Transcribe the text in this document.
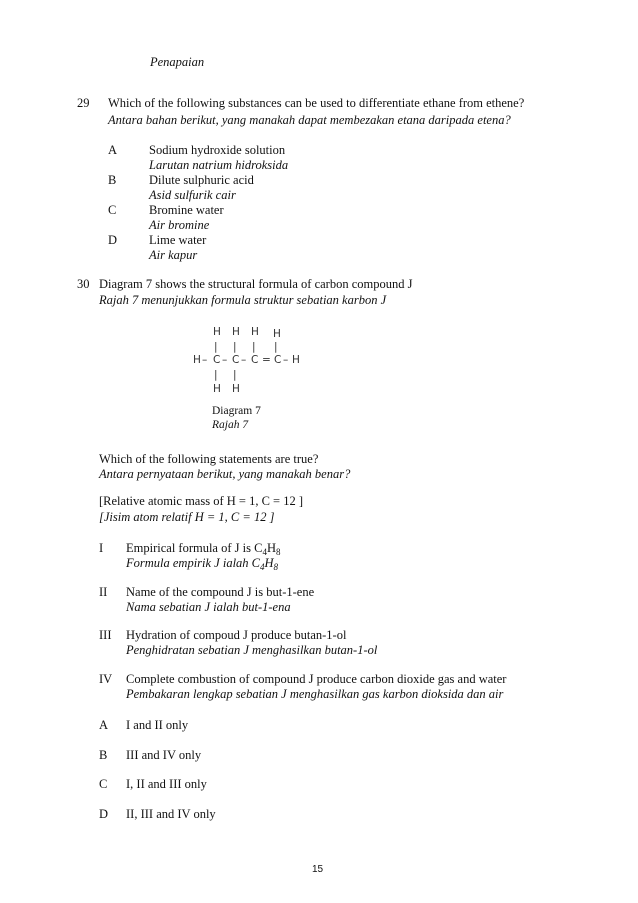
Penapaian
29 Which of the following substances can be used to differentiate ethane from ethene?
Antara bahan berikut, yang manakah dapat membezakan etana daripada etena?
A	Sodium hydroxide solution
Larutan natrium hidroksida
B	Dilute sulphuric acid
Asid sulfurik cair
C	Bromine water
Air bromine
D	Lime water
Air kapur
30 Diagram 7 shows the structural formula of carbon compound J
Rajah 7 menunjukkan formula struktur sebatian karbon J
H H H H
| | | |
H – C – C – C = C – H
| |
H H
Diagram 7
Rajah 7
Which of the following statements are true?
Antara pernyataan berikut, yang manakah benar?
[Relative atomic mass of H = 1, C = 12 ]
[Jisim atom relatif H = 1, C = 12 ]
I Empirical formula of J is $C_4H_8$
Formula empirik J ialah $C_4H_8$
II Name of the compound J is but-1-ene
Nama sebatian J ialah but-1-ena
III Hydration of compoud J produce butan-1-ol
Penghidratan sebatian J menghasilkan butan-1-ol
IV Complete combustion of compound J produce carbon dioxide gas and water
Pembakaran lengkap sebatian J menghasilkan gas karbon dioksida dan air
A I and II only
B III and IV only
C I, II and III only
D II, III and IV only
15
